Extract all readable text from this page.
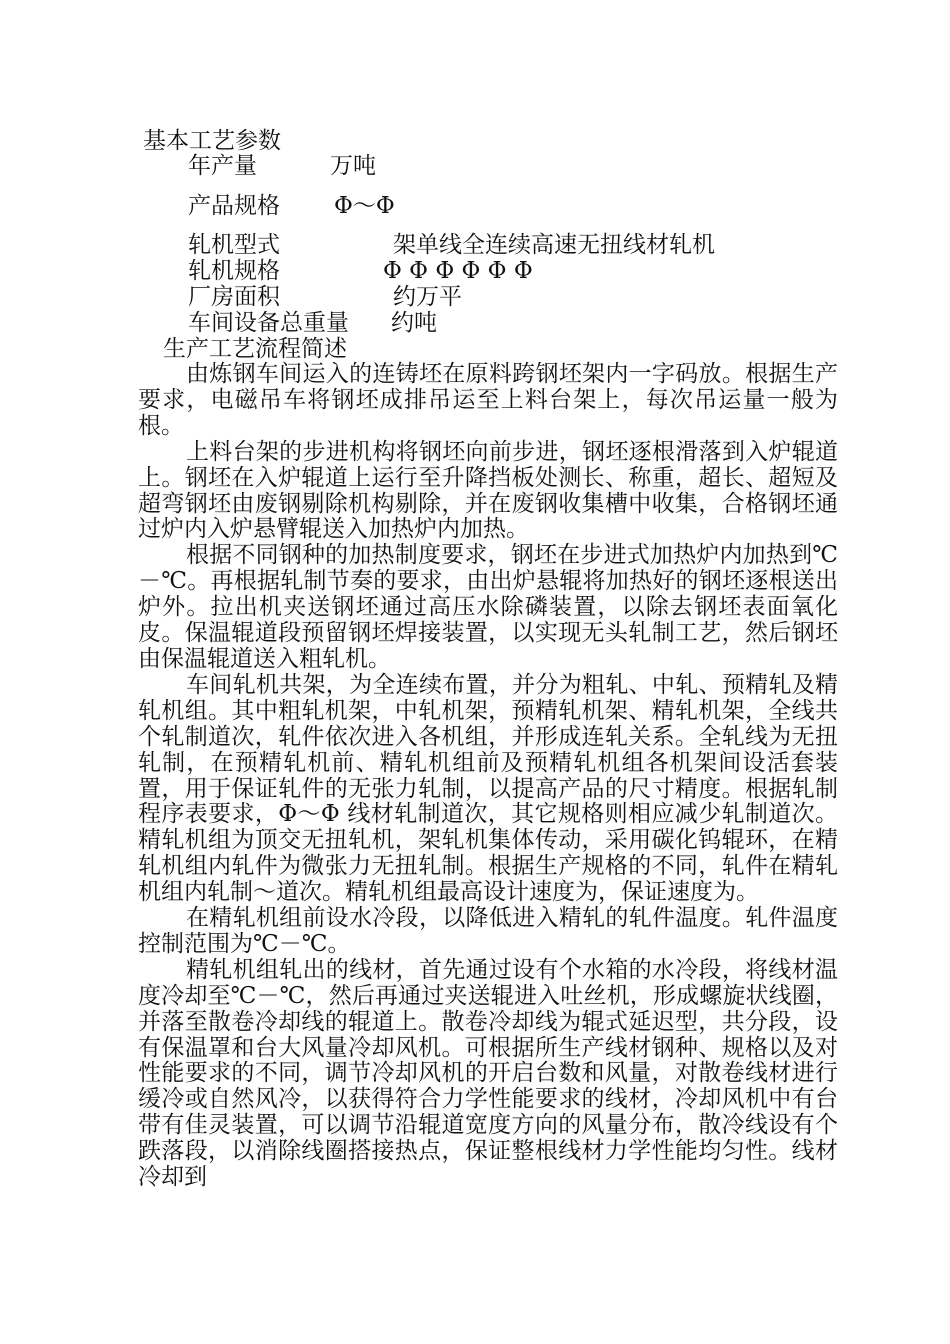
基本工艺参数
年产量	万吨
产品规格 Φ～Φ
轧机型式	架单线全连续高速无扭线材轧机
轧机规格	Φ Φ Φ Φ Φ Φ
厂房面积	约万平
车间设备总重量 约吨
生产工艺流程简述

由炼钢车间运入的连铸坯在原料跨钢坯架内一字码放。根据生产要求，电磁吊车将钢坯成排吊运至上料台架上，每次吊运量一般为根。

上料台架的步进机构将钢坯向前步进，钢坯逐根滑落到入炉辊道上。钢坯在入炉辊道上运行至升降挡板处测长、称重，超长、超短及超弯钢坯由废钢剔除机构剔除，并在废钢收集槽中收集，合格钢坯通过炉内入炉悬臂辊送入加热炉内加热。

根据不同钢种的加热制度要求，钢坯在步进式加热炉内加热到℃－℃。再根据轧制节奏的要求，由出炉悬辊将加热好的钢坯逐根送出炉外。拉出机夹送钢坯通过高压水除磷装置，以除去钢坯表面氧化皮。保温辊道段预留钢坯焊接装置，以实现无头轧制工艺，然后钢坯由保温辊道送入粗轧机。

车间轧机共架，为全连续布置，并分为粗轧、中轧、预精轧及精轧机组。其中粗轧机架，中轧机架，预精轧机架、精轧机架，全线共个轧制道次，轧件依次进入各机组，并形成连轧关系。全轧线为无扭轧制，在预精轧机前、精轧机组前及预精轧机组各机架间设活套装置，用于保证轧件的无张力轧制，以提高产品的尺寸精度。根据轧制程序表要求，Φ～Φ 线材轧制道次，其它规格则相应减少轧制道次。精轧机组为顶交无扭轧机，架轧机集体传动，采用碳化钨辊环，在精轧机组内轧件为微张力无扭轧制。根据生产规格的不同，轧件在精轧机组内轧制～道次。精轧机组最高设计速度为，保证速度为。

在精轧机组前设水冷段，以降低进入精轧的轧件温度。轧件温度控制范围为℃－℃。

精轧机组轧出的线材，首先通过设有个水箱的水冷段，将线材温度冷却至℃－℃，然后再通过夹送辊进入吐丝机，形成螺旋状线圈，并落至散卷冷却线的辊道上。散卷冷却线为辊式延迟型，共分段，设有保温罩和台大风量冷却风机。可根据所生产线材钢种、规格以及对性能要求的不同，调节冷却风机的开启台数和风量，对散卷线材进行缓冷或自然风冷，以获得符合力学性能要求的线材，冷却风机中有台带有佳灵装置，可以调节沿辊道宽度方向的风量分布，散冷线设有个跌落段，以消除线圈搭接热点，保证整根线材力学性能均匀性。线材冷却到
